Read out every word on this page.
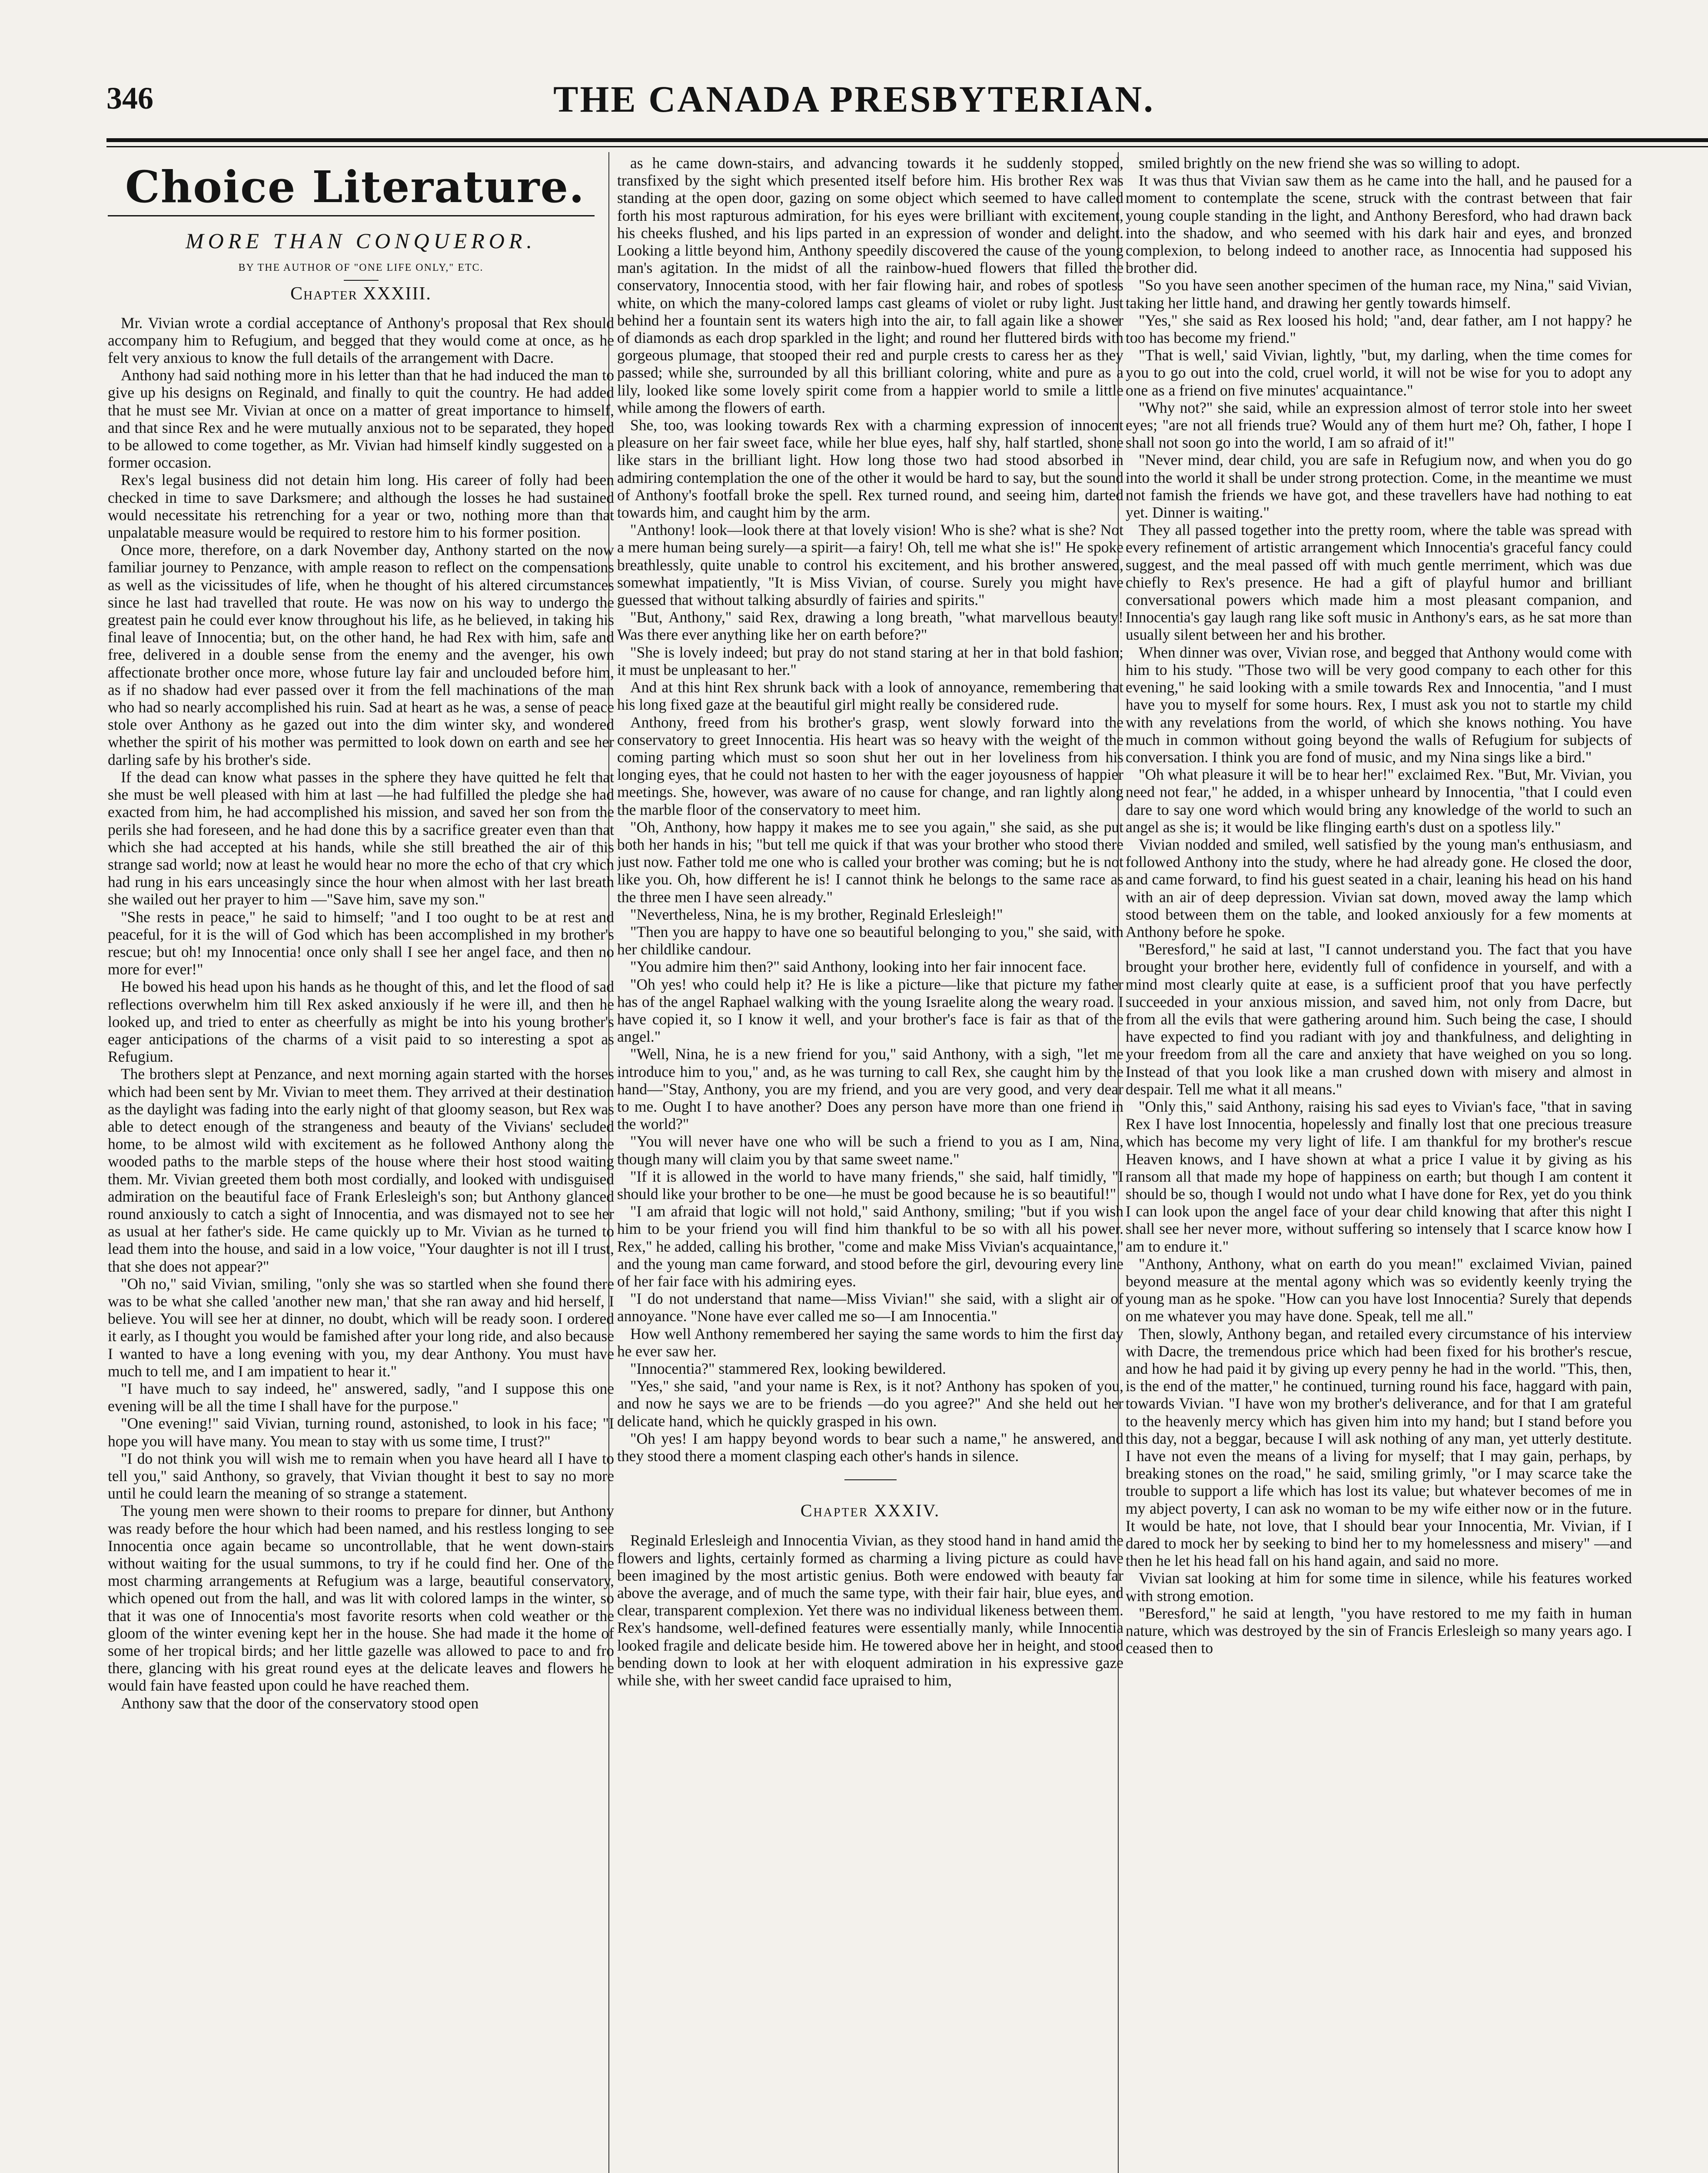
346	THE CANADA PRESBYTERIAN.
Choice Literature.
MORE THAN CONQUEROR.
BY THE AUTHOR OF "ONE LIFE ONLY," ETC.
Chapter XXXIII.

Mr. Vivian wrote a cordial acceptance of Anthony's proposal that Rex should accompany him to Refugium, and begged that they would come at once, as he felt very anxious to know the full details of the arrangement with Dacre.

Anthony had said nothing more in his letter than that he had induced the man to give up his designs on Reginald, and finally to quit the country. He had added that he must see Mr. Vivian at once on a matter of great importance to himself, and that since Rex and he were mutually anxious not to be separated, they hoped to be allowed to come together, as Mr. Vivian had himself kindly suggested on a former occasion.

Rex's legal business did not detain him long. His career of folly had been checked in time to save Darksmere; and although the losses he had sustained would necessitate his retrenching for a year or two, nothing more than that unpalatable measure would be required to restore him to his former position.

Once more, therefore, on a dark November day, Anthony started on the now familiar journey to Penzance, with ample reason to reflect on the compensations as well as the vicissitudes of life, when he thought of his altered circumstances since he last had travelled that route. He was now on his way to undergo the greatest pain he could ever know throughout his life, as he believed, in taking his final leave of Innocentia; but, on the other hand, he had Rex with him, safe and free, delivered in a double sense from the enemy and the avenger, his own affectionate brother once more, whose future lay fair and unclouded before him, as if no shadow had ever passed over it from the fell machinations of the man who had so nearly accomplished his ruin. Sad at heart as he was, a sense of peace stole over Anthony as he gazed out into the dim winter sky, and wondered whether the spirit of his mother was permitted to look down on earth and see her darling safe by his brother's side.

If the dead can know what passes in the sphere they have quitted he felt that she must be well pleased with him at last —he had fulfilled the pledge she had exacted from him, he had accomplished his mission, and saved her son from the perils she had foreseen, and he had done this by a sacrifice greater even than that which she had accepted at his hands, while she still breathed the air of this strange sad world; now at least he would hear no more the echo of that cry which had rung in his ears unceasingly since the hour when almost with her last breath she wailed out her prayer to him —"Save him, save my son."

"She rests in peace," he said to himself; "and I too ought to be at rest and peaceful, for it is the will of God which has been accomplished in my brother's rescue; but oh! my Innocentia! once only shall I see her angel face, and then no more for ever!"

He bowed his head upon his hands as he thought of this, and let the flood of sad reflections overwhelm him till Rex asked anxiously if he were ill, and then he looked up, and tried to enter as cheerfully as might be into his young brother's eager anticipations of the charms of a visit paid to so interesting a spot as Refugium.

The brothers slept at Penzance, and next morning again started with the horses which had been sent by Mr. Vivian to meet them. They arrived at their destination as the daylight was fading into the early night of that gloomy season, but Rex was able to detect enough of the strangeness and beauty of the Vivians' secluded home, to be almost wild with excitement as he followed Anthony along the wooded paths to the marble steps of the house where their host stood waiting them. Mr. Vivian greeted them both most cordially, and looked with undisguised admiration on the beautiful face of Frank Erlesleigh's son; but Anthony glanced round anxiously to catch a sight of Innocentia, and was dismayed not to see her as usual at her father's side. He came quickly up to Mr. Vivian as he turned to lead them into the house, and said in a low voice, "Your daughter is not ill I trust, that she does not appear?"

"Oh no," said Vivian, smiling, "only she was so startled when she found there was to be what she called 'another new man,' that she ran away and hid herself, I believe. You will see her at dinner, no doubt, which will be ready soon. I ordered it early, as I thought you would be famished after your long ride, and also because I wanted to have a long evening with you, my dear Anthony. You must have much to tell me, and I am impatient to hear it."

"I have much to say indeed, he" answered, sadly, "and I suppose this one evening will be all the time I shall have for the purpose."

"One evening!" said Vivian, turning round, astonished, to look in his face; "I hope you will have many. You mean to stay with us some time, I trust?"

"I do not think you will wish me to remain when you have heard all I have to tell you," said Anthony, so gravely, that Vivian thought it best to say no more until he could learn the meaning of so strange a statement.

The young men were shown to their rooms to prepare for dinner, but Anthony was ready before the hour which had been named, and his restless longing to see Innocentia once again became so uncontrollable, that he went down-stairs without waiting for the usual summons, to try if he could find her. One of the most charming arrangements at Refugium was a large, beautiful conservatory, which opened out from the hall, and was lit with colored lamps in the winter, so that it was one of Innocentia's most favorite resorts when cold weather or the gloom of the winter evening kept her in the house. She had made it the home of some of her tropical birds; and her little gazelle was allowed to pace to and fro there, glancing with his great round eyes at the delicate leaves and flowers he would fain have feasted upon could he have reached them.

Anthony saw that the door of the conservatory stood open

as he came down-stairs, and advancing towards it he suddenly stopped, transfixed by the sight which presented itself before him. His brother Rex was standing at the open door, gazing on some object which seemed to have called forth his most rapturous admiration, for his eyes were brilliant with excitement, his cheeks flushed, and his lips parted in an expression of wonder and delight. Looking a little beyond him, Anthony speedily discovered the cause of the young man's agitation. In the midst of all the rainbow-hued flowers that filled the conservatory, Innocentia stood, with her fair flowing hair, and robes of spotless white, on which the many-colored lamps cast gleams of violet or ruby light. Just behind her a fountain sent its waters high into the air, to fall again like a shower of diamonds as each drop sparkled in the light; and round her fluttered birds with gorgeous plumage, that stooped their red and purple crests to caress her as they passed; while she, surrounded by all this brilliant coloring, white and pure as a lily, looked like some lovely spirit come from a happier world to smile a little while among the flowers of earth.

She, too, was looking towards Rex with a charming expression of innocent pleasure on her fair sweet face, while her blue eyes, half shy, half startled, shone like stars in the brilliant light. How long those two had stood absorbed in admiring contemplation the one of the other it would be hard to say, but the sound of Anthony's footfall broke the spell. Rex turned round, and seeing him, darted towards him, and caught him by the arm.

"Anthony! look—look there at that lovely vision! Who is she? what is she? Not a mere human being surely—a spirit—a fairy! Oh, tell me what she is!" He spoke breathlessly, quite unable to control his excitement, and his brother answered, somewhat impatiently, "It is Miss Vivian, of course. Surely you might have guessed that without talking absurdly of fairies and spirits."

"But, Anthony," said Rex, drawing a long breath, "what marvellous beauty! Was there ever anything like her on earth before?"

"She is lovely indeed; but pray do not stand staring at her in that bold fashion; it must be unpleasant to her."

And at this hint Rex shrunk back with a look of annoyance, remembering that his long fixed gaze at the beautiful girl might really be considered rude.

Anthony, freed from his brother's grasp, went slowly forward into the conservatory to greet Innocentia. His heart was so heavy with the weight of the coming parting which must so soon shut her out in her loveliness from his longing eyes, that he could not hasten to her with the eager joyousness of happier meetings. She, however, was aware of no cause for change, and ran lightly along the marble floor of the conservatory to meet him.

"Oh, Anthony, how happy it makes me to see you again," she said, as she put both her hands in his; "but tell me quick if that was your brother who stood there just now. Father told me one who is called your brother was coming; but he is not like you. Oh, how different he is! I cannot think he belongs to the same race as the three men I have seen already."

"Nevertheless, Nina, he is my brother, Reginald Erlesleigh!"

"Then you are happy to have one so beautiful belonging to you," she said, with her childlike candour.

"You admire him then?" said Anthony, looking into her fair innocent face.

"Oh yes! who could help it? He is like a picture—like that picture my father has of the angel Raphael walking with the young Israelite along the weary road. I have copied it, so I know it well, and your brother's face is fair as that of the angel."

"Well, Nina, he is a new friend for you," said Anthony, with a sigh, "let me introduce him to you," and, as he was turning to call Rex, she caught him by the hand—"Stay, Anthony, you are my friend, and you are very good, and very dear to me. Ought I to have another? Does any person have more than one friend in the world?"

"You will never have one who will be such a friend to you as I am, Nina, though many will claim you by that same sweet name."

"If it is allowed in the world to have many friends," she said, half timidly, "I should like your brother to be one—he must be good because he is so beautiful!"

"I am afraid that logic will not hold," said Anthony, smiling; "but if you wish him to be your friend you will find him thankful to be so with all his power. Rex," he added, calling his brother, "come and make Miss Vivian's acquaintance," and the young man came forward, and stood before the girl, devouring every line of her fair face with his admiring eyes.

"I do not understand that name—Miss Vivian!" she said, with a slight air of annoyance. "None have ever called me so—I am Innocentia."

How well Anthony remembered her saying the same words to him the first day he ever saw her.

"Innocentia?" stammered Rex, looking bewildered.

"Yes," she said, "and your name is Rex, is it not? Anthony has spoken of you, and now he says we are to be friends —do you agree?" And she held out her delicate hand, which he quickly grasped in his own.

"Oh yes! I am happy beyond words to bear such a name," he answered, and they stood there a moment clasping each other's hands in silence.

Chapter XXXIV.

Reginald Erlesleigh and Innocentia Vivian, as they stood hand in hand amid the flowers and lights, certainly formed as charming a living picture as could have been imagined by the most artistic genius. Both were endowed with beauty far above the average, and of much the same type, with their fair hair, blue eyes, and clear, transparent complexion. Yet there was no individual likeness between them. Rex's handsome, well-defined features were essentially manly, while Innocentia looked fragile and delicate beside him. He towered above her in height, and stood bending down to look at her with eloquent admiration in his expressive gaze while she, with her sweet candid face upraised to him,

smiled brightly on the new friend she was so willing to adopt.

It was thus that Vivian saw them as he came into the hall, and he paused for a moment to contemplate the scene, struck with the contrast between that fair young couple standing in the light, and Anthony Beresford, who had drawn back into the shadow, and who seemed with his dark hair and eyes, and bronzed complexion, to belong indeed to another race, as Innocentia had supposed his brother did.

"So you have seen another specimen of the human race, my Nina," said Vivian, taking her little hand, and drawing her gently towards himself.

"Yes," she said as Rex loosed his hold; "and, dear father, am I not happy? he too has become my friend."

"That is well,' said Vivian, lightly, "but, my darling, when the time comes for you to go out into the cold, cruel world, it will not be wise for you to adopt any one as a friend on five minutes' acquaintance."

"Why not?" she said, while an expression almost of terror stole into her sweet eyes; "are not all friends true? Would any of them hurt me? Oh, father, I hope I shall not soon go into the world, I am so afraid of it!"

"Never mind, dear child, you are safe in Refugium now, and when you do go into the world it shall be under strong protection. Come, in the meantime we must not famish the friends we have got, and these travellers have had nothing to eat yet. Dinner is waiting."

They all passed together into the pretty room, where the table was spread with every refinement of artistic arrangement which Innocentia's graceful fancy could suggest, and the meal passed off with much gentle merriment, which was due chiefly to Rex's presence. He had a gift of playful humor and brilliant conversational powers which made him a most pleasant companion, and Innocentia's gay laugh rang like soft music in Anthony's ears, as he sat more than usually silent between her and his brother.

When dinner was over, Vivian rose, and begged that Anthony would come with him to his study. "Those two will be very good company to each other for this evening," he said looking with a smile towards Rex and Innocentia, "and I must have you to myself for some hours. Rex, I must ask you not to startle my child with any revelations from the world, of which she knows nothing. You have much in common without going beyond the walls of Refugium for subjects of conversation. I think you are fond of music, and my Nina sings like a bird."

"Oh what pleasure it will be to hear her!" exclaimed Rex. "But, Mr. Vivian, you need not fear," he added, in a whisper unheard by Innocentia, "that I could even dare to say one word which would bring any knowledge of the world to such an angel as she is; it would be like flinging earth's dust on a spotless lily."

Vivian nodded and smiled, well satisfied by the young man's enthusiasm, and followed Anthony into the study, where he had already gone. He closed the door, and came forward, to find his guest seated in a chair, leaning his head on his hand with an air of deep depression. Vivian sat down, moved away the lamp which stood between them on the table, and looked anxiously for a few moments at Anthony before he spoke.

"Beresford," he said at last, "I cannot understand you. The fact that you have brought your brother here, evidently full of confidence in yourself, and with a mind most clearly quite at ease, is a sufficient proof that you have perfectly succeeded in your anxious mission, and saved him, not only from Dacre, but from all the evils that were gathering around him. Such being the case, I should have expected to find you radiant with joy and thankfulness, and delighting in your freedom from all the care and anxiety that have weighed on you so long. Instead of that you look like a man crushed down with misery and almost in despair. Tell me what it all means."

"Only this," said Anthony, raising his sad eyes to Vivian's face, "that in saving Rex I have lost Innocentia, hopelessly and finally lost that one precious treasure which has become my very light of life. I am thankful for my brother's rescue Heaven knows, and I have shown at what a price I value it by giving as his ransom all that made my hope of happiness on earth; but though I am content it should be so, though I would not undo what I have done for Rex, yet do you think I can look upon the angel face of your dear child knowing that after this night I shall see her never more, without suffering so intensely that I scarce know how I am to endure it."

"Anthony, Anthony, what on earth do you mean!" exclaimed Vivian, pained beyond measure at the mental agony which was so evidently keenly trying the young man as he spoke. "How can you have lost Innocentia? Surely that depends on me whatever you may have done. Speak, tell me all."

Then, slowly, Anthony began, and retailed every circumstance of his interview with Dacre, the tremendous price which had been fixed for his brother's rescue, and how he had paid it by giving up every penny he had in the world. "This, then, is the end of the matter," he continued, turning round his face, haggard with pain, towards Vivian. "I have won my brother's deliverance, and for that I am grateful to the heavenly mercy which has given him into my hand; but I stand before you this day, not a beggar, because I will ask nothing of any man, yet utterly destitute. I have not even the means of a living for myself; that I may gain, perhaps, by breaking stones on the road," he said, smiling grimly, "or I may scarce take the trouble to support a life which has lost its value; but whatever becomes of me in my abject poverty, I can ask no woman to be my wife either now or in the future. It would be hate, not love, that I should bear your Innocentia, Mr. Vivian, if I dared to mock her by seeking to bind her to my homelessness and misery" —and then he let his head fall on his hand again, and said no more.

Vivian sat looking at him for some time in silence, while his features worked with strong emotion.

"Beresford," he said at length, "you have restored to me my faith in human nature, which was destroyed by the sin of Francis Erlesleigh so many years ago. I ceased then to
